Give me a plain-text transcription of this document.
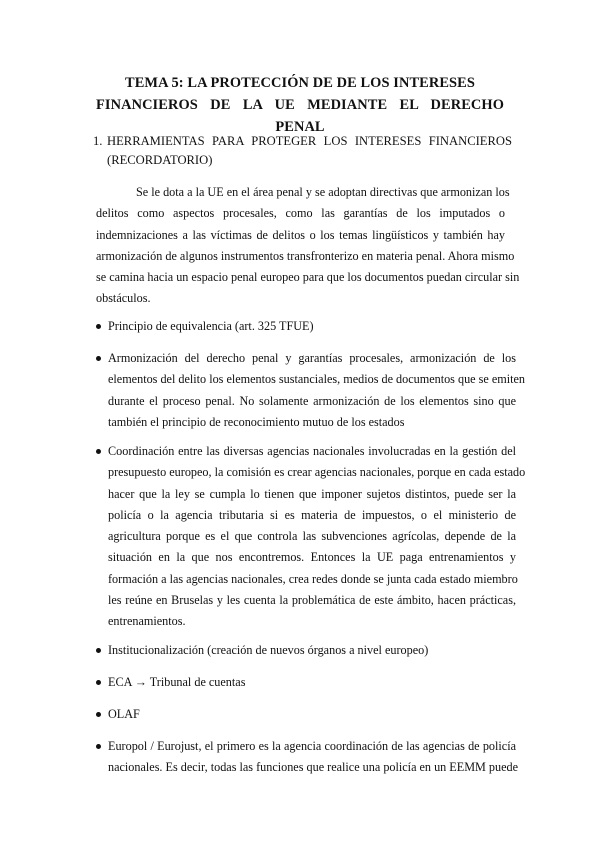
TEMA 5: LA PROTECCIÓN DE DE LOS INTERESES
FINANCIEROS DE LA UE MEDIANTE EL DERECHO PENAL
1. HERRAMIENTAS PARA PROTEGER LOS INTERESES FINANCIEROS
(RECORDATORIO)
Se le dota a la UE en el área penal y se adoptan directivas que armonizan los
delitos como aspectos procesales, como las garantías de los imputados o
indemnizaciones a las víctimas de delitos o los temas lingüísticos y también hay
armonización de algunos instrumentos transfronterizo en materia penal. Ahora mismo
se camina hacia un espacio penal europeo para que los documentos puedan circular sin
obstáculos.
Principio de equivalencia (art. 325 TFUE)
Armonización del derecho penal y garantías procesales, armonización de los
elementos del delito los elementos sustanciales, medios de documentos que se emiten
durante el proceso penal. No solamente armonización de los elementos sino que
también el principio de reconocimiento mutuo de los estados
Coordinación entre las diversas agencias nacionales involucradas en la gestión del
presupuesto europeo, la comisión es crear agencias nacionales, porque en cada estado
hacer que la ley se cumpla lo tienen que imponer sujetos distintos, puede ser la
policía o la agencia tributaria si es materia de impuestos, o el ministerio de
agricultura porque es el que controla las subvenciones agrícolas, depende de la
situación en la que nos encontremos. Entonces la UE paga entrenamientos y
formación a las agencias nacionales, crea redes donde se junta cada estado miembro
les reúne en Bruselas y les cuenta la problemática de este ámbito, hacen prácticas,
entrenamientos.
Institucionalización (creación de nuevos órganos a nivel europeo)
ECA → Tribunal de cuentas
OLAF
Europol / Eurojust, el primero es la agencia coordinación de las agencias de policía
nacionales. Es decir, todas las funciones que realice una policía en un EEMM puede
